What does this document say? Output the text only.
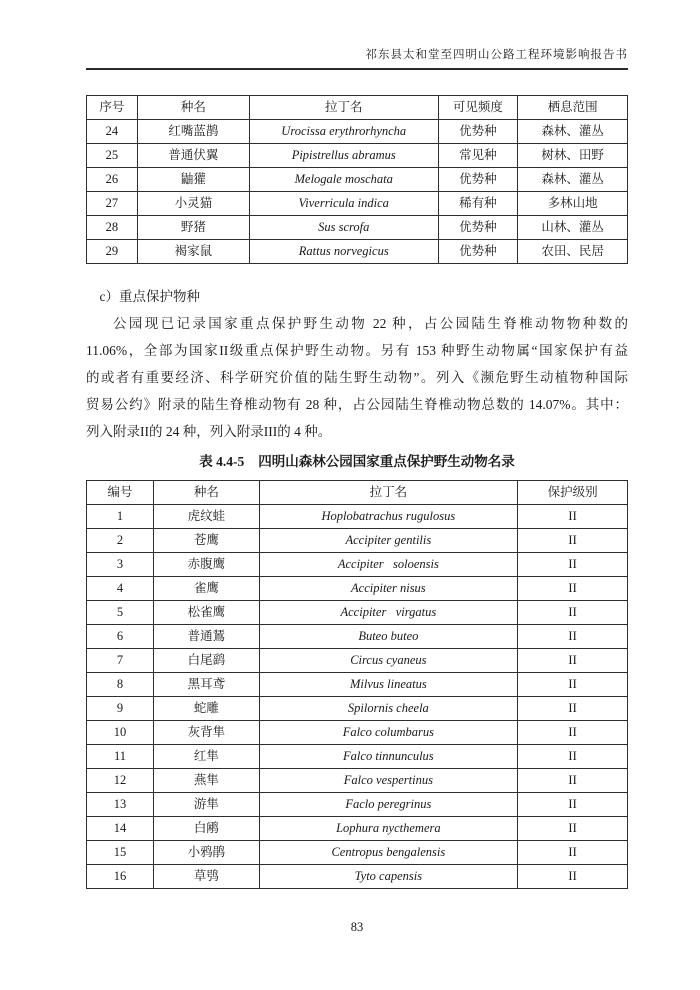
祁东县太和堂至四明山公路工程环境影响报告书
序号	种名	拉丁名	可见频度	栖息范围
24	红嘴蓝鹊	Urocissa erythrorhyncha	优势种	森林、灌丛
25	普通伏翼	Pipistrellus abramus	常见种	树林、田野
26	鼬獾	Melogale moschata	优势种	森林、灌丛
27	小灵猫	Viverricula indica	稀有种	多林山地
28	野猪	Sus scrofa	优势种	山林、灌丛
29	褐家鼠	Rattus norvegicus	优势种	农田、民居
c）重点保护物种
公园现已记录国家重点保护野生动物 22 种，占公园陆生脊椎动物物种数的
11.06%，全部为国家II级重点保护野生动物。另有 153 种野生动物属“国家保护有益
的或者有重要经济、科学研究价值的陆生野生动物”。列入《濒危野生动植物种国际
贸易公约》附录的陆生脊椎动物有 28 种，占公园陆生脊椎动物总数的 14.07%。其中：
列入附录II的 24 种，列入附录III的 4 种。
表 4.4-5 四明山森林公园国家重点保护野生动物名录
编号	种名	拉丁名	保护级别
1	虎纹蛙	Hoplobatrachus rugulosus	II
2	苍鹰	Accipiter gentilis	II
3	赤腹鹰	Accipiter   soloensis	II
4	雀鹰	Accipiter nisus	II
5	松雀鹰	Accipiter   virgatus	II
6	普通鵟	Buteo buteo	II
7	白尾鹞	Circus cyaneus	II
8	黑耳鸢	Milvus lineatus	II
9	蛇雕	Spilornis cheela	II
10	灰背隼	Falco columbarus	II
11	红隼	Falco tinnunculus	II
12	燕隼	Falco vespertinus	II
13	游隼	Faclo peregrinus	II
14	白鹇	Lophura nycthemera	II
15	小鸦鹃	Centropus bengalensis	II
16	草鸮	Tyto capensis	II
83
